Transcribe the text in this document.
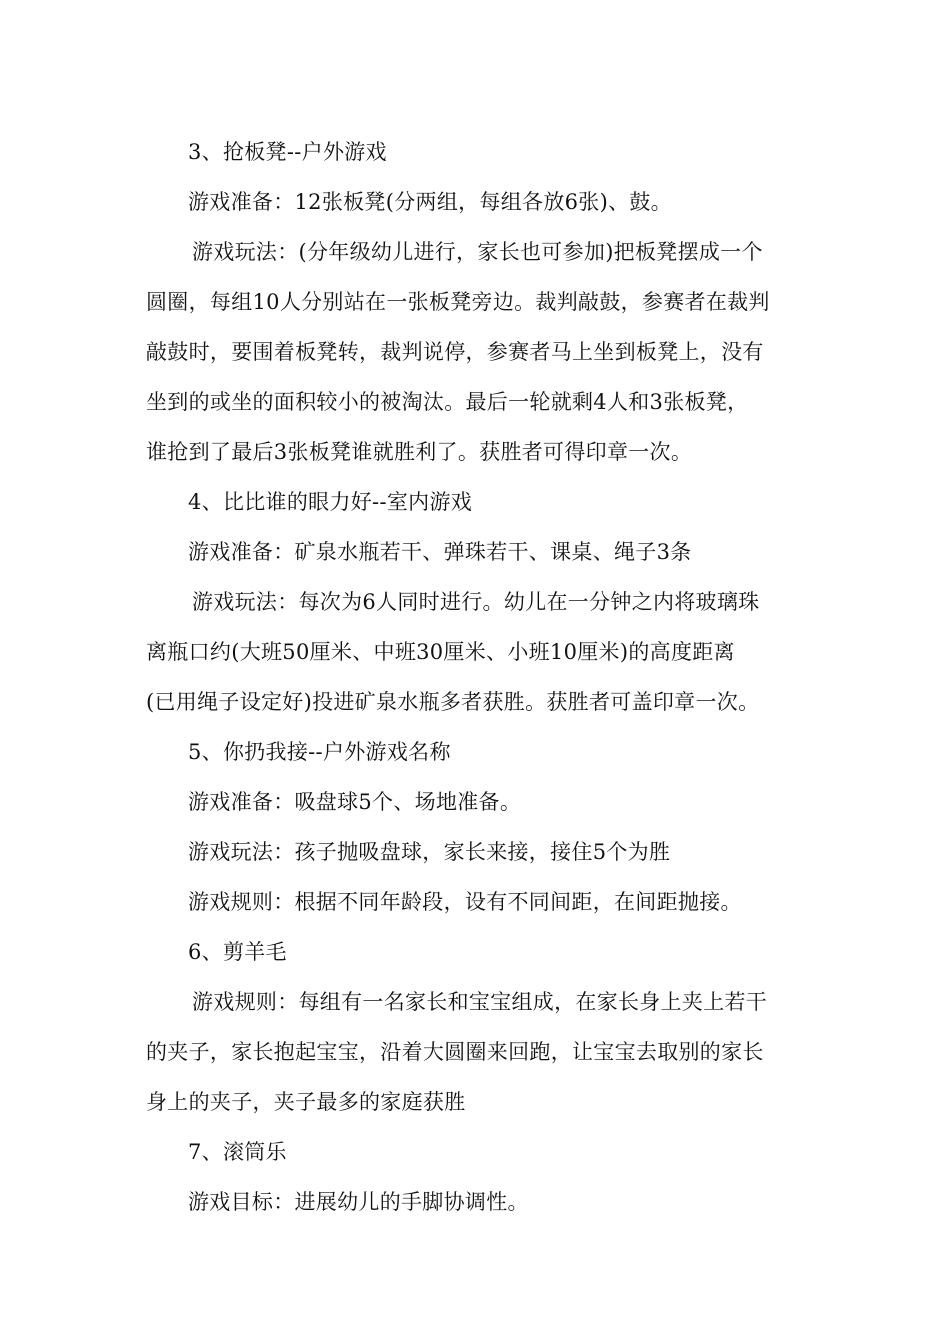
3、抢板凳--户外游戏
游戏准备：12张板凳(分两组，每组各放6张)、鼓。
游戏玩法：(分年级幼儿进行，家长也可参加)把板凳摆成一个
圆圈，每组10人分别站在一张板凳旁边。裁判敲鼓，参赛者在裁判
敲鼓时，要围着板凳转，裁判说停，参赛者马上坐到板凳上，没有
坐到的或坐的面积较小的被淘汰。最后一轮就剩4人和3张板凳，
谁抢到了最后3张板凳谁就胜利了。获胜者可得印章一次。
4、比比谁的眼力好--室内游戏
游戏准备：矿泉水瓶若干、弹珠若干、课桌、绳子3条
游戏玩法：每次为6人同时进行。幼儿在一分钟之内将玻璃珠
离瓶口约(大班50厘米、中班30厘米、小班10厘米)的高度距离
(已用绳子设定好)投进矿泉水瓶多者获胜。获胜者可盖印章一次。
5、你扔我接--户外游戏名称
游戏准备：吸盘球5个、场地准备。
游戏玩法：孩子抛吸盘球，家长来接，接住5个为胜
游戏规则：根据不同年龄段，设有不同间距，在间距抛接。
6、剪羊毛
游戏规则：每组有一名家长和宝宝组成，在家长身上夹上若干
的夹子，家长抱起宝宝，沿着大圆圈来回跑，让宝宝去取别的家长
身上的夹子，夹子最多的家庭获胜
7、滚筒乐
游戏目标：进展幼儿的手脚协调性。
